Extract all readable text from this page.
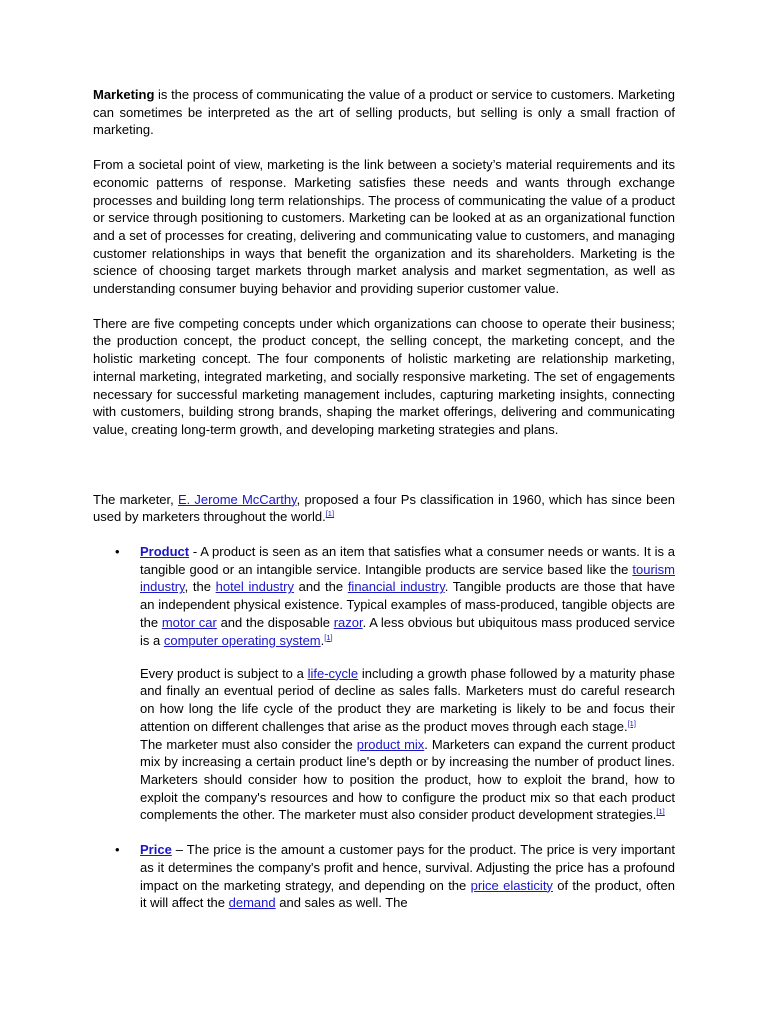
Marketing is the process of communicating the value of a product or service to customers. Marketing can sometimes be interpreted as the art of selling products, but selling is only a small fraction of marketing.

From a societal point of view, marketing is the link between a society’s material requirements and its economic patterns of response. Marketing satisfies these needs and wants through exchange processes and building long term relationships. The process of communicating the value of a product or service through positioning to customers. Marketing can be looked at as an organizational function and a set of processes for creating, delivering and communicating value to customers, and managing customer relationships in ways that benefit the organization and its shareholders. Marketing is the science of choosing target markets through market analysis and market segmentation, as well as understanding consumer buying behavior and providing superior customer value.

There are five competing concepts under which organizations can choose to operate their business; the production concept, the product concept, the selling concept, the marketing concept, and the holistic marketing concept. The four components of holistic marketing are relationship marketing, internal marketing, integrated marketing, and socially responsive marketing. The set of engagements necessary for successful marketing management includes, capturing marketing insights, connecting with customers, building strong brands, shaping the market offerings, delivering and communicating value, creating long-term growth, and developing marketing strategies and plans.

The marketer, E. Jerome McCarthy, proposed a four Ps classification in 1960, which has since been used by marketers throughout the world.[1]

• Product - A product is seen as an item that satisfies what a consumer needs or wants. It is a tangible good or an intangible service. Intangible products are service based like the tourism industry, the hotel industry and the financial industry. Tangible products are those that have an independent physical existence. Typical examples of mass-produced, tangible objects are the motor car and the disposable razor. A less obvious but ubiquitous mass produced service is a computer operating system.[1]

Every product is subject to a life-cycle including a growth phase followed by a maturity phase and finally an eventual period of decline as sales falls. Marketers must do careful research on how long the life cycle of the product they are marketing is likely to be and focus their attention on different challenges that arise as the product moves through each stage.[1]

The marketer must also consider the product mix. Marketers can expand the current product mix by increasing a certain product line's depth or by increasing the number of product lines. Marketers should consider how to position the product, how to exploit the brand, how to exploit the company's resources and how to configure the product mix so that each product complements the other. The marketer must also consider product development strategies.[1]

• Price – The price is the amount a customer pays for the product. The price is very important as it determines the company's profit and hence, survival. Adjusting the price has a profound impact on the marketing strategy, and depending on the price elasticity of the product, often it will affect the demand and sales as well. The
